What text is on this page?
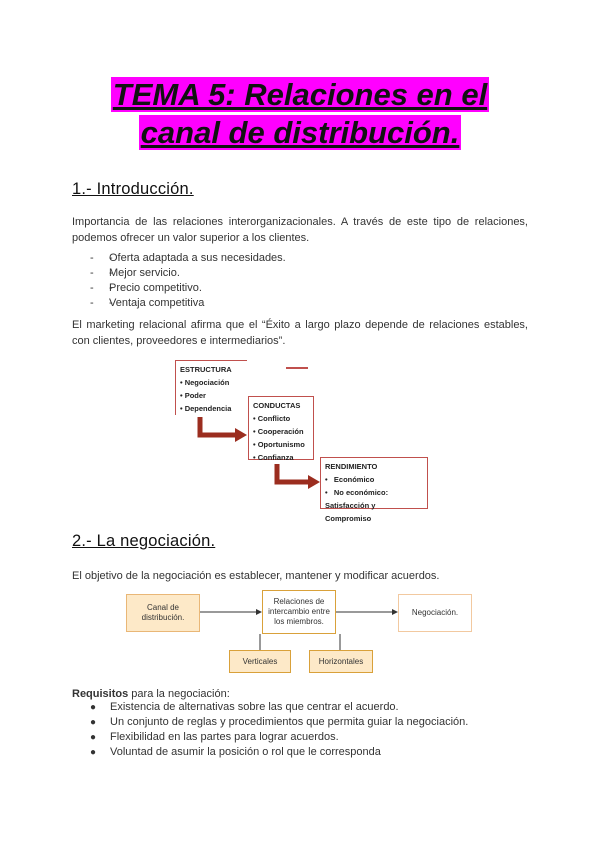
TEMA 5: Relaciones en el canal de distribución.
1.- Introducción.
Importancia de las relaciones interorganizacionales. A través de este tipo de relaciones, podemos ofrecer un valor superior a los clientes.
- - Oferta adaptada a sus necesidades.
- - Mejor servicio.
- - Precio competitivo.
- - Ventaja competitiva
El marketing relacional afirma que el “Éxito a largo plazo depende de relaciones estables, con clientes, proveedores e intermediarios”.
ESTRUCTURA
• Negociación
• Poder
• Dependencia	CONDUCTAS
• Conflicto
• Cooperación
• Oportunismo
• Confianza
RENDIMIENTO
•   Económico
•   No económico:
Satisfacción y Compromiso
2.- La negociación.
El objetivo de la negociación es establecer, mantener y modificar acuerdos.
Canal de distribución.
Relaciones de intercambio entre los miembros.
Negociación.
Verticales	Horizontales
Requisitos para la negociación:
● Existencia de alternativas sobre las que centrar el acuerdo.
● Un conjunto de reglas y procedimientos que permita guiar la negociación.
● Flexibilidad en las partes para lograr acuerdos.
● Voluntad de asumir la posición o rol que le corresponda
